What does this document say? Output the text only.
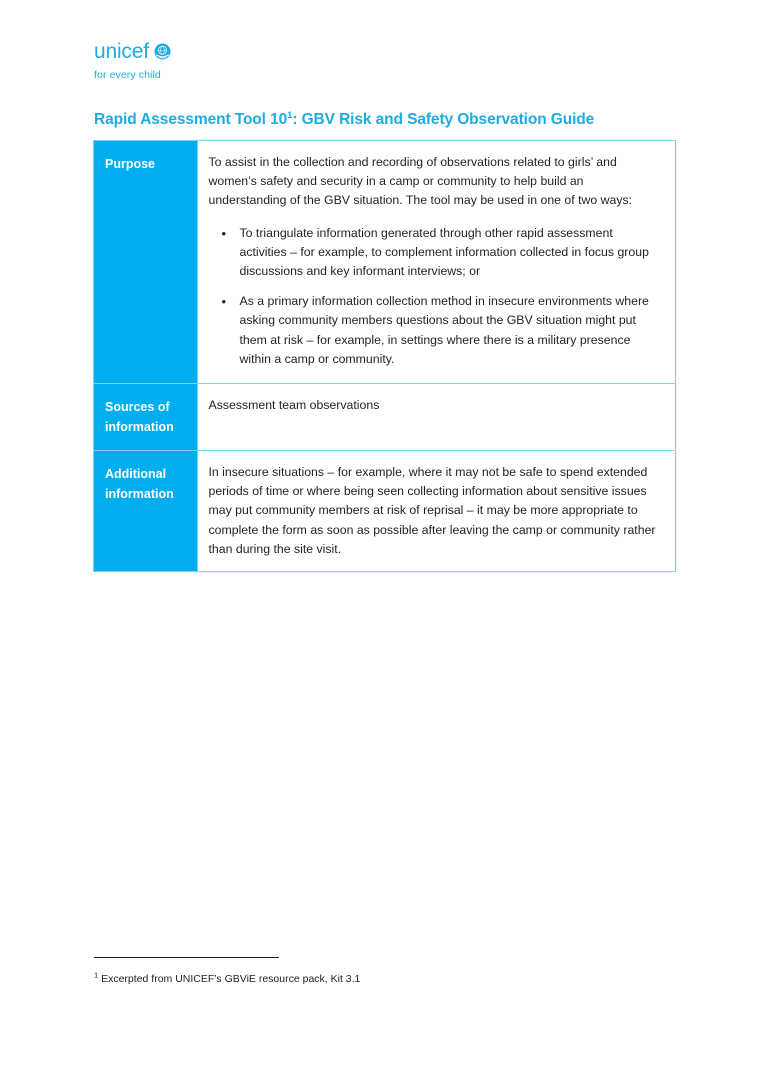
unicef
for every child
Rapid Assessment Tool $10^1$: GBV Risk and Safety Observation Guide
Purpose	To assist in the collection and recording of observations related to girls’ and women’s safety and security in a camp or community to help build an understanding of the GBV situation. The tool may be used in one of two ways:

• To triangulate information generated through other rapid assessment activities – for example, to complement information collected in focus group discussions and key informant interviews; or
• As a primary information collection method in insecure environments where asking community members questions about the GBV situation might put them at risk – for example, in settings where there is a military presence within a camp or community.

Sources of information	Assessment team observations

Additional information	In insecure situations – for example, where it may not be safe to spend extended periods of time or where being seen collecting information about sensitive issues may put community members at risk of reprisal – it may be more appropriate to complete the form as soon as possible after leaving the camp or community rather than during the site visit.

$^1$ Excerpted from UNICEF’s GBViE resource pack, Kit 3.1
